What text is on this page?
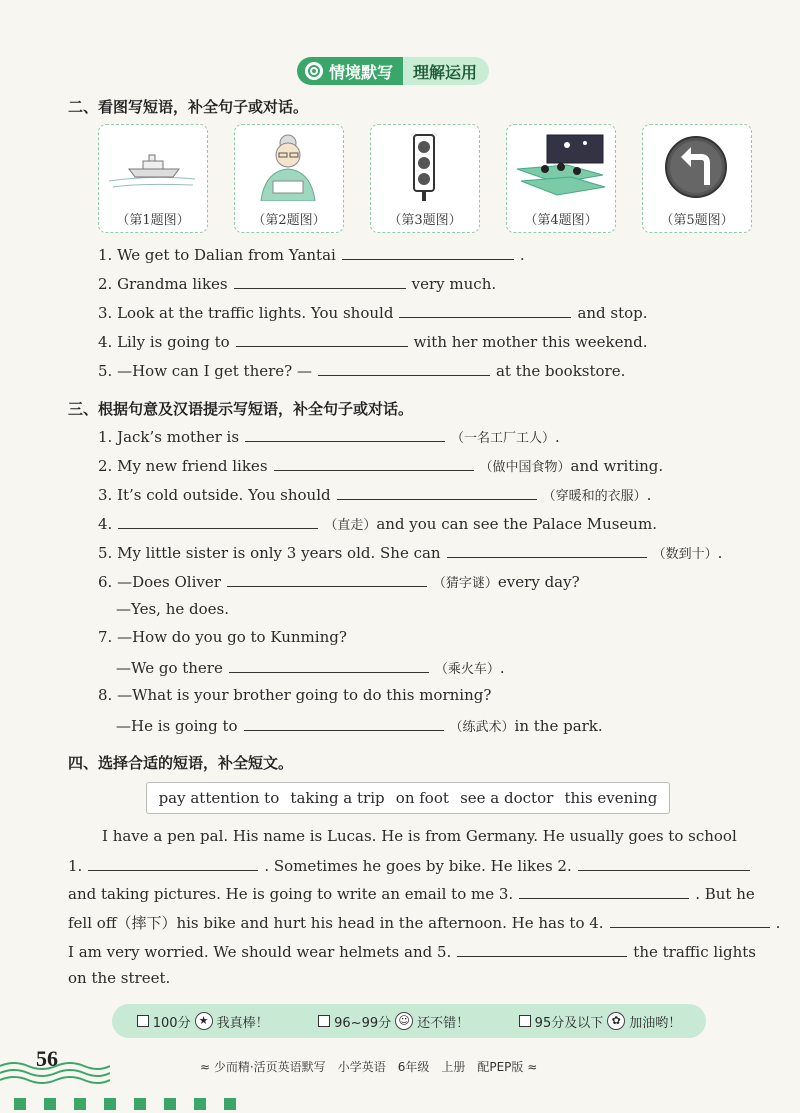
情境默写	理解运用
二、看图写短语，补全句子或对话。
（第1题图）	（第2题图）	（第3题图）	（第4题图）	（第5题图）
1. We get to Dalian from Yantai	.
2. Grandma likes	very much.
3. Look at the traffic lights. You should	and stop.
4. Lily is going to	with her mother this weekend.
5. —How can I get there? —	at the bookstore.
三、根据句意及汉语提示写短语，补全句子或对话。
1. Jack’s mother is	（一名工厂工人）.
2. My new friend likes	（做中国食物）and writing.
3. It’s cold outside. You should	（穿暖和的衣服）.
4.	（直走）and you can see the Palace Museum.
5. My little sister is only 3 years old. She can	（数到十）.
6. —Does Oliver	（猜字谜）every day?
—Yes, he does.
7. —How do you go to Kunming?
—We go there	（乘火车）.
8. —What is your brother going to do this morning?
—He is going to	（练武术）in the park.
四、选择合适的短语，补全短文。
pay attention to taking a trip on foot see a doctor this evening
I have a pen pal. His name is Lucas. He is from Germany. He usually goes to school
1.	. Sometimes he goes by bike. He likes 2.
and taking pictures. He is going to write an email to me 3.	. But he
fell off（摔下）his bike and hurt his head in the afternoon. He has to 4.	.
I am very worried. We should wear helmets and 5.	the traffic lights
on the street.
100分 ★ 我真棒！	96~99分 ☺ 还不错！	95分及以下 ✿ 加油哟！
56	≈ 少而精·活页英语默写 小学英语 6年级 上册 配PEP版 ≈
